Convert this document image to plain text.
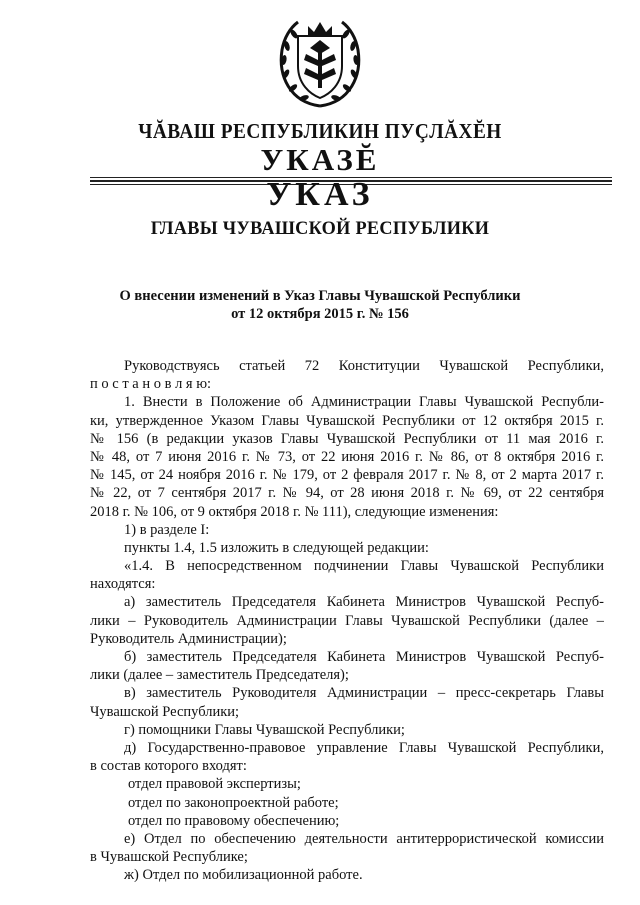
ЧĂВАШ РЕСПУБЛИКИН ПУÇЛĂХĔН
УКАЗĔ
УКАЗ
ГЛАВЫ ЧУВАШСКОЙ РЕСПУБЛИКИ
О внесении изменений в Указ Главы Чувашской Республики
от 12 октября 2015 г. № 156
Руководствуясь статьей 72 Конституции Чувашской Республики,
п о с т а н о в л я ю:
1. Внести в Положение об Администрации Главы Чувашской Республи-
ки, утвержденное Указом Главы Чувашской Республики от 12 октября 2015 г.
№ 156 (в редакции указов Главы Чувашской Республики от 11 мая 2016 г.
№ 48, от 7 июня 2016 г. № 73, от 22 июня 2016 г. № 86, от 8 октября 2016 г.
№ 145, от 24 ноября 2016 г. № 179, от 2 февраля 2017 г. № 8, от 2 марта 2017 г.
№ 22, от 7 сентября 2017 г. № 94, от 28 июня 2018 г. № 69, от 22 сентября
2018 г. № 106, от 9 октября 2018 г. № 111), следующие изменения:
1) в разделе I:
пункты 1.4, 1.5 изложить в следующей редакции:
«1.4. В непосредственном подчинении Главы Чувашской Республики
находятся:
а) заместитель Председателя Кабинета Министров Чувашской Респуб-
лики – Руководитель Администрации Главы Чувашской Республики (далее –
Руководитель Администрации);
б) заместитель Председателя Кабинета Министров Чувашской Респуб-
лики (далее – заместитель Председателя);
в) заместитель Руководителя Администрации – пресс-секретарь Главы
Чувашской Республики;
г) помощники Главы Чувашской Республики;
д) Государственно-правовое управление Главы Чувашской Республики,
в состав которого входят:
отдел правовой экспертизы;
отдел по законопроектной работе;
отдел по правовому обеспечению;
е) Отдел по обеспечению деятельности антитеррористической комиссии
в Чувашской Республике;
ж) Отдел по мобилизационной работе.
